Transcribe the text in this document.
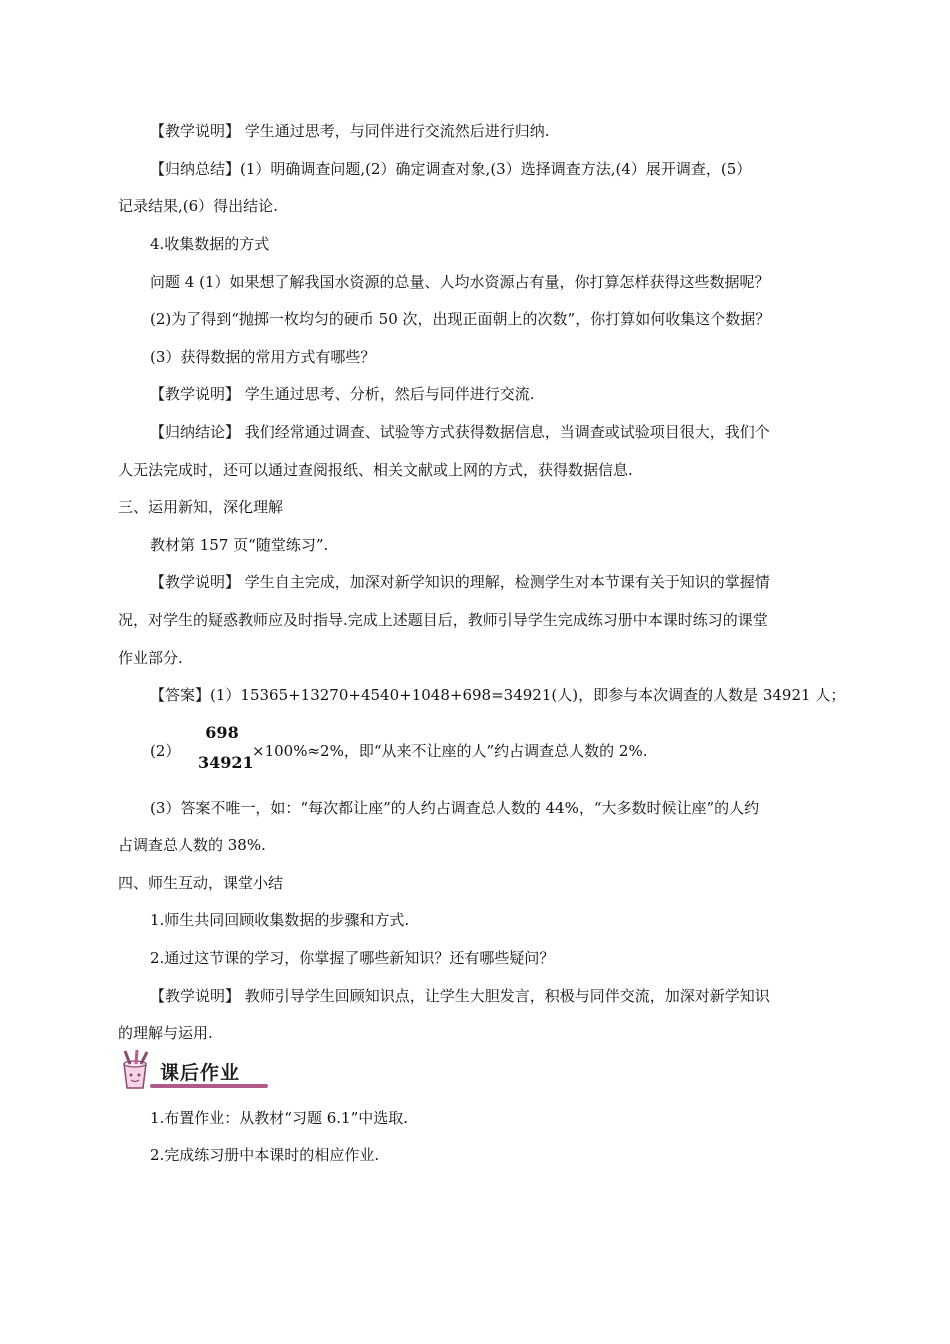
【教学说明】 学生通过思考，与同伴进行交流然后进行归纳.
【归纳总结】(1）明确调查问题,(2）确定调查对象,(3）选择调查方法,(4）展开调查，(5）
记录结果,(6）得出结论.
4.收集数据的方式
问题 4 (1）如果想了解我国水资源的总量、人均水资源占有量，你打算怎样获得这些数据呢？
(2)为了得到“抛掷一枚均匀的硬币 50 次，出现正面朝上的次数”，你打算如何收集这个数据？
(3）获得数据的常用方式有哪些？
【教学说明】 学生通过思考、分析，然后与同伴进行交流.
【归纳结论】 我们经常通过调查、试验等方式获得数据信息，当调查或试验项目很大，我们个
人无法完成时，还可以通过查阅报纸、相关文献或上网的方式，获得数据信息.
三、运用新知，深化理解
教材第 157 页“随堂练习”.
【教学说明】 学生自主完成，加深对新学知识的理解，检测学生对本节课有关于知识的掌握情
况，对学生的疑惑教师应及时指导.完成上述题目后，教师引导学生完成练习册中本课时练习的课堂
作业部分.
【答案】(1）15365+13270+4540+1048+698=34921(人)，即参与本次调查的人数是 34921 人；
(2）
698
34921
×100%≈2%，即“从来不让座的人”约占调查总人数的 2%.
(3）答案不唯一，如：“每次都让座”的人约占调查总人数的 44%，“大多数时候让座”的人约
占调查总人数的 38%.
四、师生互动，课堂小结
1.师生共同回顾收集数据的步骤和方式.
2.通过这节课的学习，你掌握了哪些新知识？还有哪些疑问？
【教学说明】 教师引导学生回顾知识点，让学生大胆发言，积极与同伴交流，加深对新学知识
的理解与运用.
课后作业
1.布置作业：从教材“习题 6.1”中选取.
2.完成练习册中本课时的相应作业.
